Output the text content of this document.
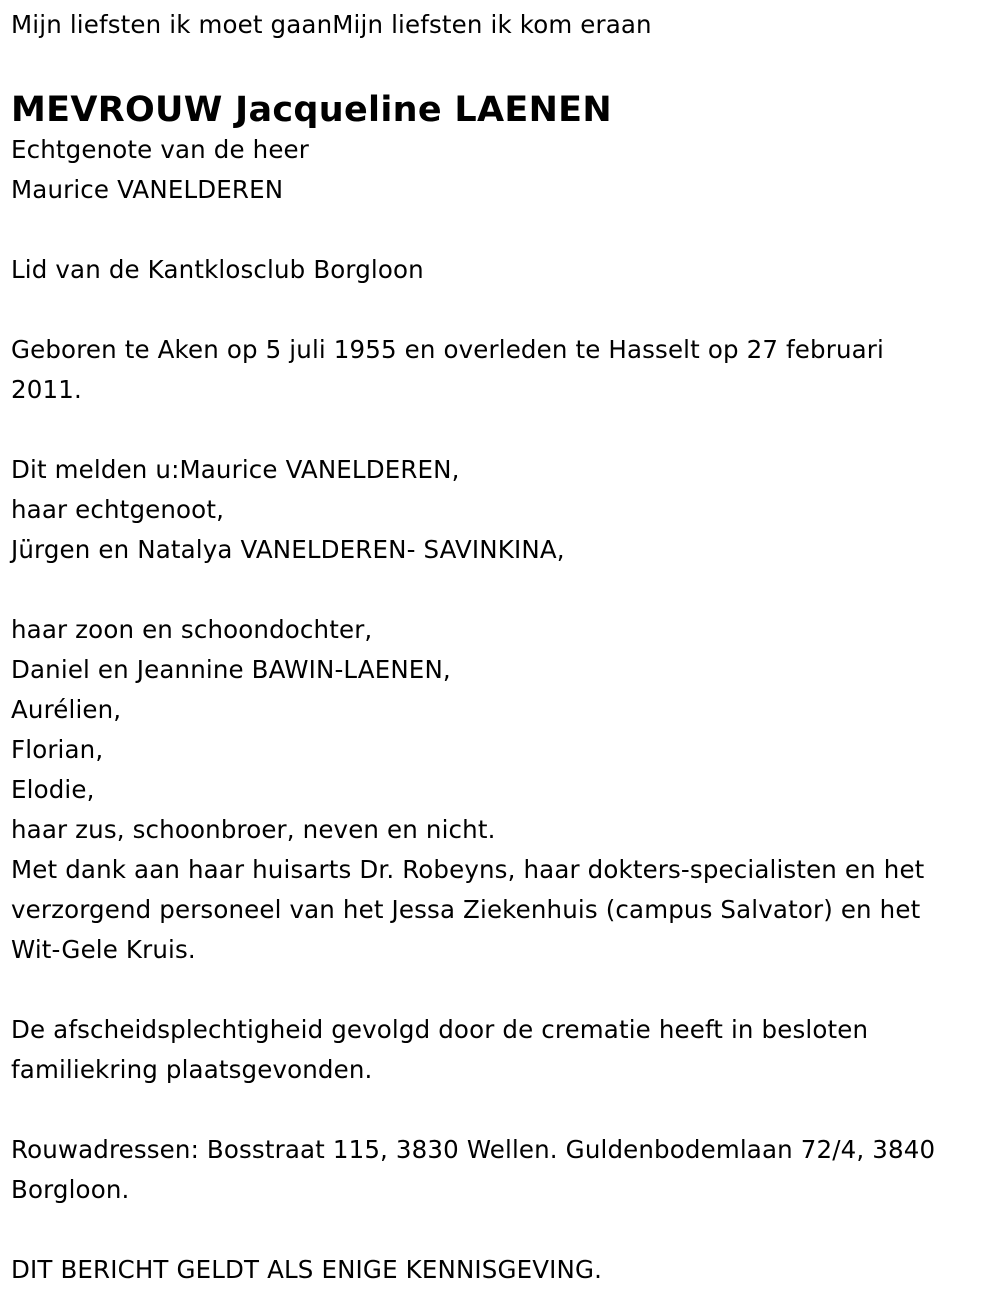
Mijn liefsten ik moet gaanMijn liefsten ik kom eraan
MEVROUW Jacqueline LAENEN
Echtgenote van de heer
Maurice VANELDEREN
Lid van de Kantklosclub Borgloon
Geboren te Aken op 5 juli 1955 en overleden te Hasselt op 27 februari
2011.
Dit melden u:Maurice VANELDEREN,
haar echtgenoot,
Jürgen en Natalya VANELDEREN- SAVINKINA,
haar zoon en schoondochter,
Daniel en Jeannine BAWIN-LAENEN,
Aurélien,
Florian,
Elodie,
haar zus, schoonbroer, neven en nicht.
Met dank aan haar huisarts Dr. Robeyns, haar dokters-specialisten en het
verzorgend personeel van het Jessa Ziekenhuis (campus Salvator) en het
Wit-Gele Kruis.
De afscheidsplechtigheid gevolgd door de crematie heeft in besloten
familiekring plaatsgevonden.
Rouwadressen: Bosstraat 115, 3830 Wellen. Guldenbodemlaan 72/4, 3840
Borgloon.
DIT BERICHT GELDT ALS ENIGE KENNISGEVING.
